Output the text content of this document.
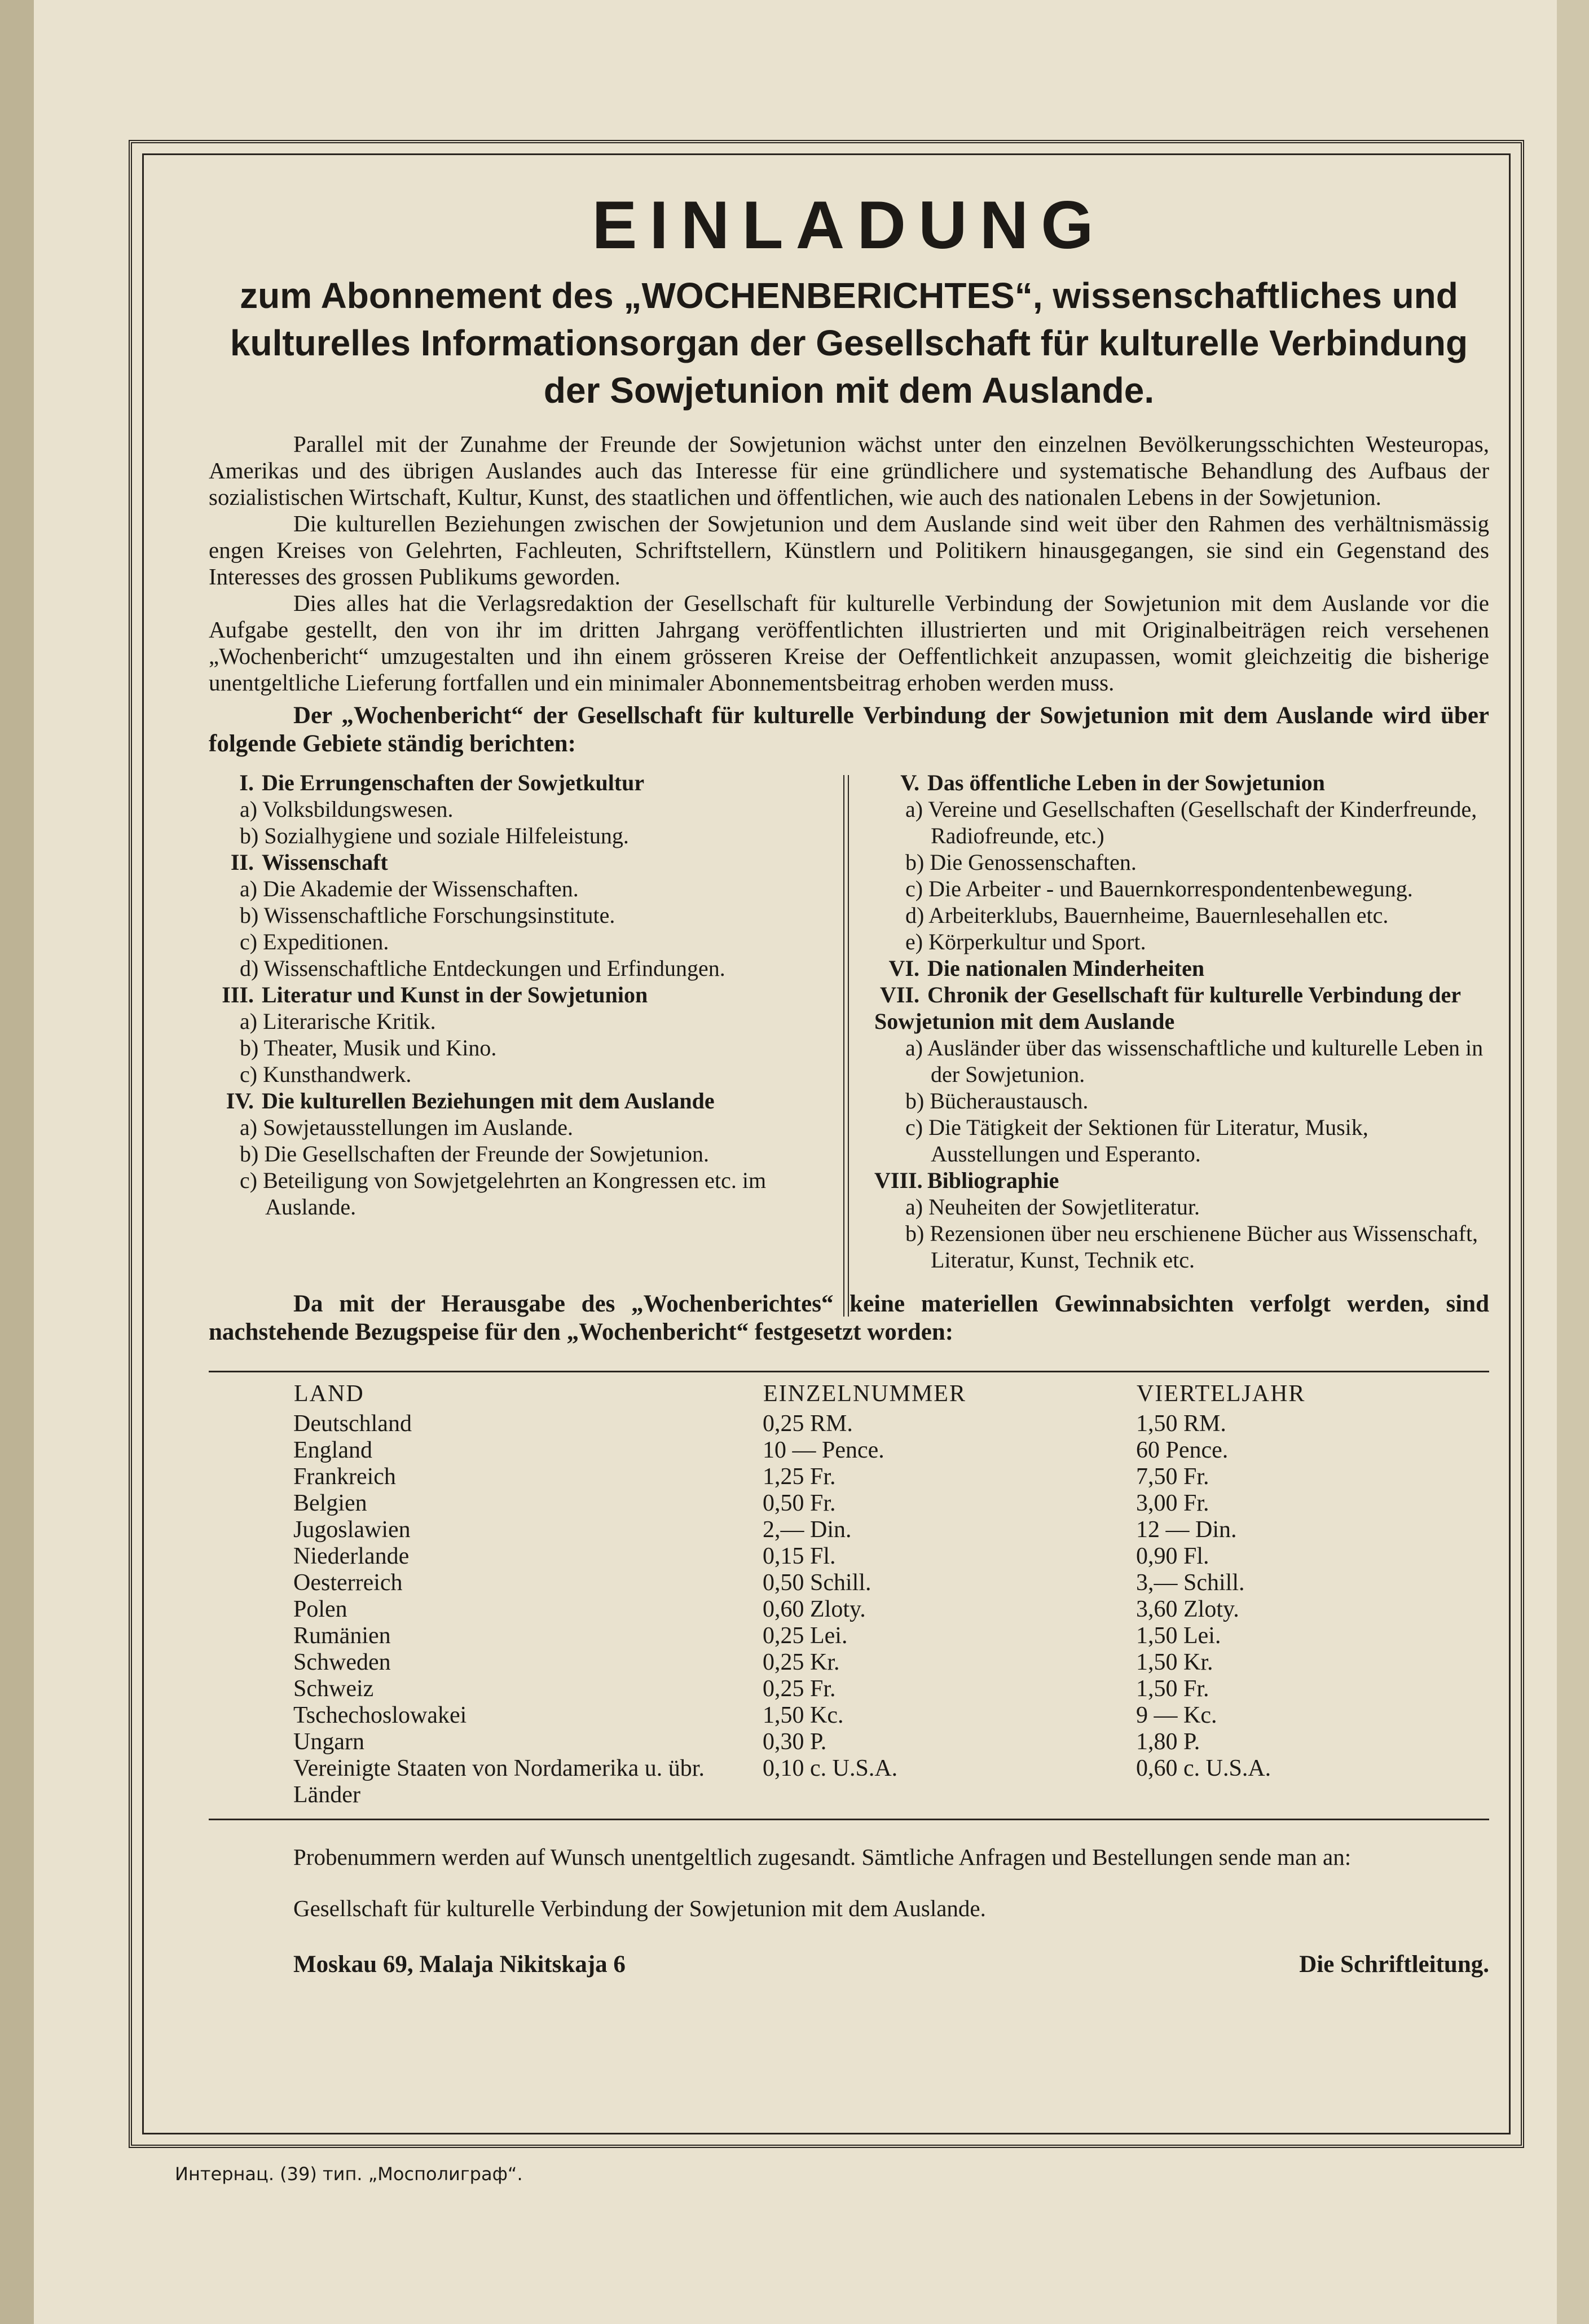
EINLADUNG
zum Abonnement des „WOCHENBERICHTES“, wissenschaftliches und kulturelles Informationsorgan der Gesellschaft für kulturelle Verbindung der Sowjetunion mit dem Auslande.

Parallel mit der Zunahme der Freunde der Sowjetunion wächst unter den einzelnen Bevölkerungsschichten Westeuropas, Amerikas und des übrigen Auslandes auch das Interesse für eine gründlichere und systematische Behandlung des Aufbaus der sozialistischen Wirtschaft, Kultur, Kunst, des staatlichen und öffentlichen, wie auch des nationalen Lebens in der Sowjetunion.

Die kulturellen Beziehungen zwischen der Sowjetunion und dem Auslande sind weit über den Rahmen des verhältnismässig engen Kreises von Gelehrten, Fachleuten, Schriftstellern, Künstlern und Politikern hinausgegangen, sie sind ein Gegenstand des Interesses des grossen Publikums geworden.

Dies alles hat die Verlagsredaktion der Gesellschaft für kulturelle Verbindung der Sowjetunion mit dem Auslande vor die Aufgabe gestellt, den von ihr im dritten Jahrgang veröffentlichten illustrierten und mit Originalbeiträgen reich versehenen „Wochenbericht“ umzugestalten und ihn einem grösseren Kreise der Oeffentlichkeit anzupassen, womit gleichzeitig die bisherige unentgeltliche Lieferung fortfallen und ein minimaler Abonnementsbeitrag erhoben werden muss.

Der „Wochenbericht“ der Gesellschaft für kulturelle Verbindung der Sowjetunion mit dem Auslande wird über folgende Gebiete ständig berichten:

I. Die Errungenschaften der Sowjetkultur
a) Volksbildungswesen.
b) Sozialhygiene und soziale Hilfeleistung.
II. Wissenschaft
a) Die Akademie der Wissenschaften.
b) Wissenschaftliche Forschungsinstitute.
c) Expeditionen.
d) Wissenschaftliche Entdeckungen und Erfindungen.
III. Literatur und Kunst in der Sowjetunion
a) Literarische Kritik.
b) Theater, Musik und Kino.
c) Kunsthandwerk.
IV. Die kulturellen Beziehungen mit dem Auslande
a) Sowjetausstellungen im Auslande.
b) Die Gesellschaften der Freunde der Sowjetunion.
c) Beteiligung von Sowjetgelehrten an Kongressen etc. im Auslande.
V. Das öffentliche Leben in der Sowjetunion
a) Vereine und Gesellschaften (Gesellschaft der Kinderfreunde, Radiofreunde, etc.)
b) Die Genossenschaften.
c) Die Arbeiter - und Bauernkorrespondentenbewegung.
d) Arbeiterklubs, Bauernheime, Bauernlesehallen etc.
e) Körperkultur und Sport.
VI. Die nationalen Minderheiten
VII. Chronik der Gesellschaft für kulturelle Verbindung der Sowjetunion mit dem Auslande
a) Ausländer über das wissenschaftliche und kulturelle Leben in der Sowjetunion.
b) Bücheraustausch.
c) Die Tätigkeit der Sektionen für Literatur, Musik, Ausstellungen und Esperanto.
VIII. Bibliographie
a) Neuheiten der Sowjetliteratur.
b) Rezensionen über neu erschienene Bücher aus Wissenschaft, Literatur, Kunst, Technik etc.

Da mit der Herausgabe des „Wochenberichtes“ keine materiellen Gewinnabsichten verfolgt werden, sind nachstehende Bezugspeise für den „Wochenbericht“ festgesetzt worden:

LAND	EINZELNUMMER	VIERTELJAHR
Deutschland	0,25 RM.	1,50 RM.
England	10 — Pence.	60 Pence.
Frankreich	1,25 Fr.	7,50 Fr.
Belgien	0,50 Fr.	3,00 Fr.
Jugoslawien	2,— Din.	12 — Din.
Niederlande	0,15 Fl.	0,90 Fl.
Oesterreich	0,50 Schill.	3,— Schill.
Polen	0,60 Zloty.	3,60 Zloty.
Rumänien	0,25 Lei.	1,50 Lei.
Schweden	0,25 Kr.	1,50 Kr.
Schweiz	0,25 Fr.	1,50 Fr.
Tschechoslowakei	1,50 Kc.	9 — Kc.
Ungarn	0,30 P.	1,80 P.
Vereinigte Staaten von Nordamerika u. übr. Länder	0,10 c. U.S.A.	0,60 c. U.S.A.

Probenummern werden auf Wunsch unentgeltlich zugesandt. Sämtliche Anfragen und Bestellungen sende man an:

Gesellschaft für kulturelle Verbindung der Sowjetunion mit dem Auslande.

Moskau 69, Malaja Nikitskaja 6	Die Schriftleitung.
Интернац. (39) тип. „Мосполиграф“.
